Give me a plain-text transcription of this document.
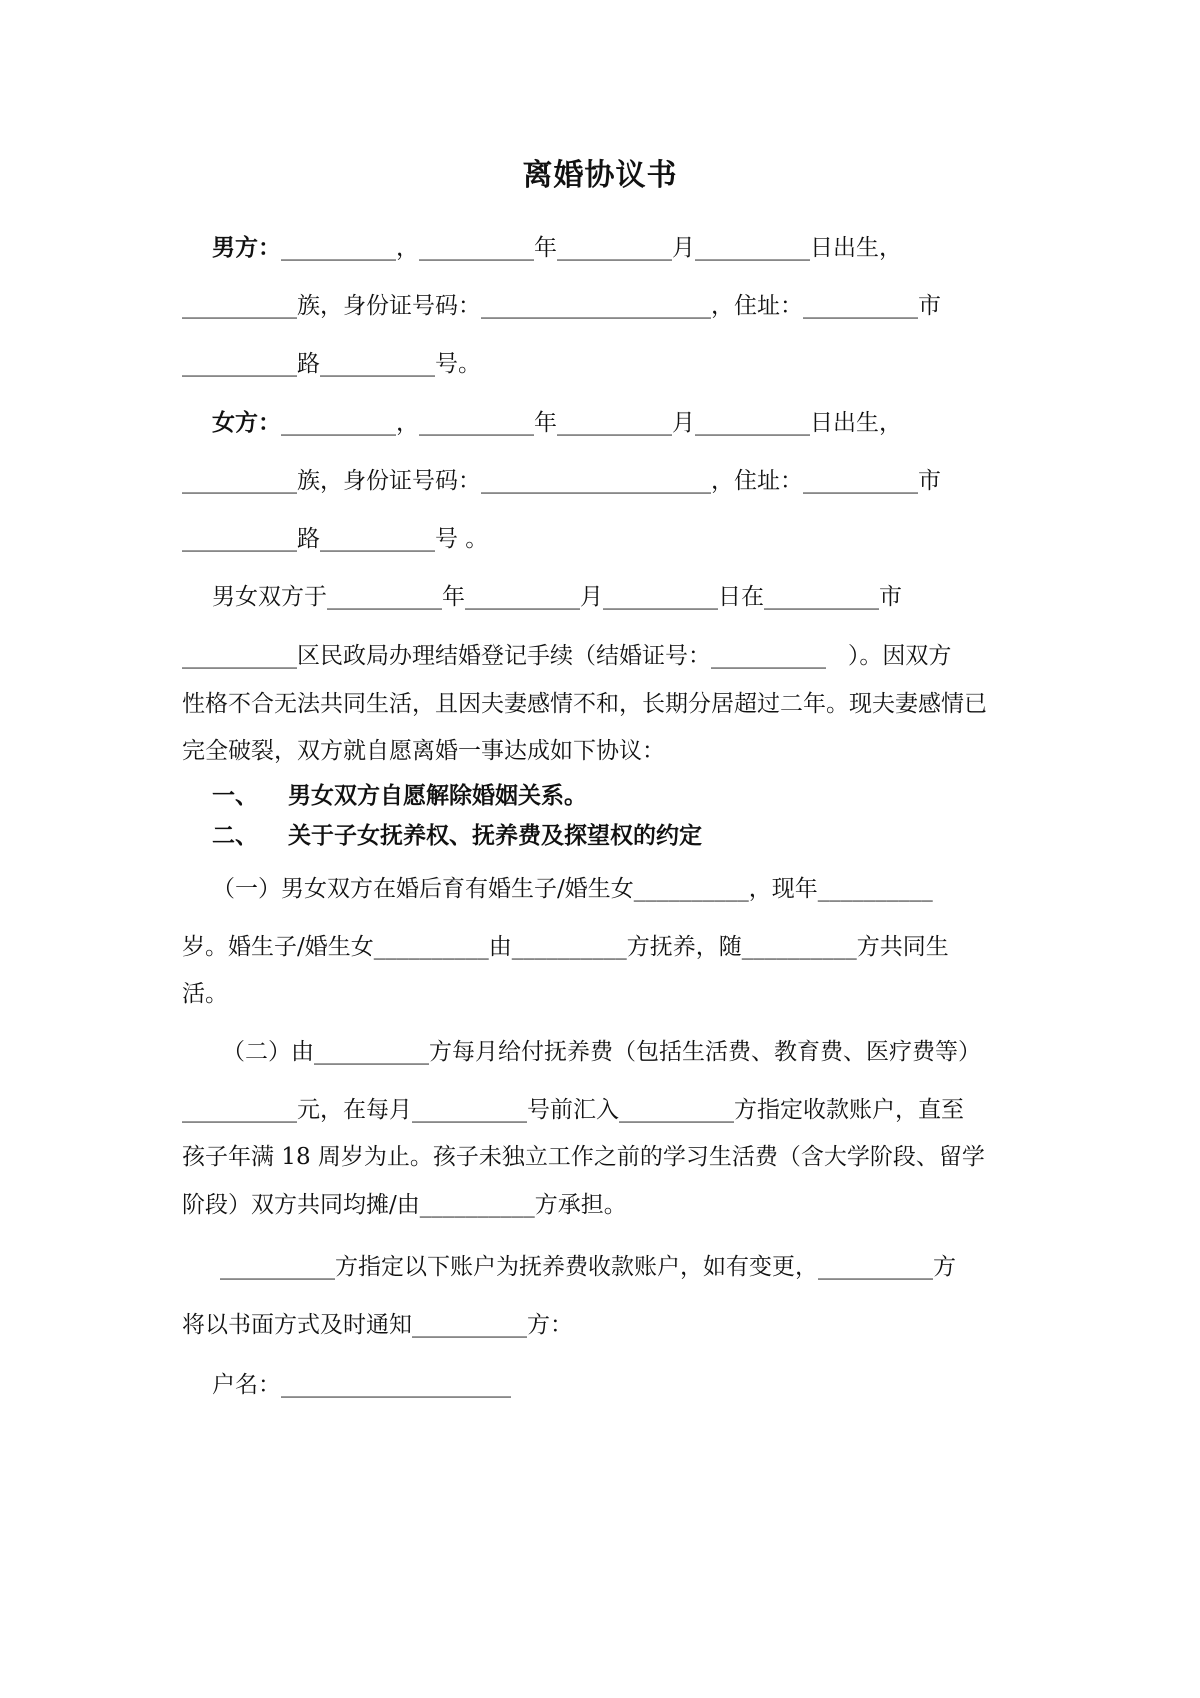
离婚协议书
男方：__________，__________年__________月__________日出生，
__________族，身份证号码：____________________，住址：__________市
__________路__________号。
女方：__________，__________年__________月__________日出生，
__________族，身份证号码：____________________，住址：__________市
__________路__________号 。
男女双方于__________年__________月__________日在__________市
__________区民政局办理结婚登记手续（结婚证号：__________   ）。因双方
性格不合无法共同生活，且因夫妻感情不和，长期分居超过二年。现夫妻感情已
完全破裂，双方就自愿离婚一事达成如下协议：
一、 男女双方自愿解除婚姻关系。
二、 关于子女抚养权、抚养费及探望权的约定
（一）男女双方在婚后育有婚生子/婚生女__________，现年__________
岁。婚生子/婚生女__________由__________方抚养，随__________方共同生
活。
（二）由__________方每月给付抚养费（包括生活费、教育费、医疗费等）
__________元，在每月__________号前汇入__________方指定收款账户，直至
孩子年满 18 周岁为止。孩子未独立工作之前的学习生活费（含大学阶段、留学
阶段）双方共同均摊/由__________方承担。
__________方指定以下账户为抚养费收款账户，如有变更，__________方
将以书面方式及时通知__________方：
户名：____________________
